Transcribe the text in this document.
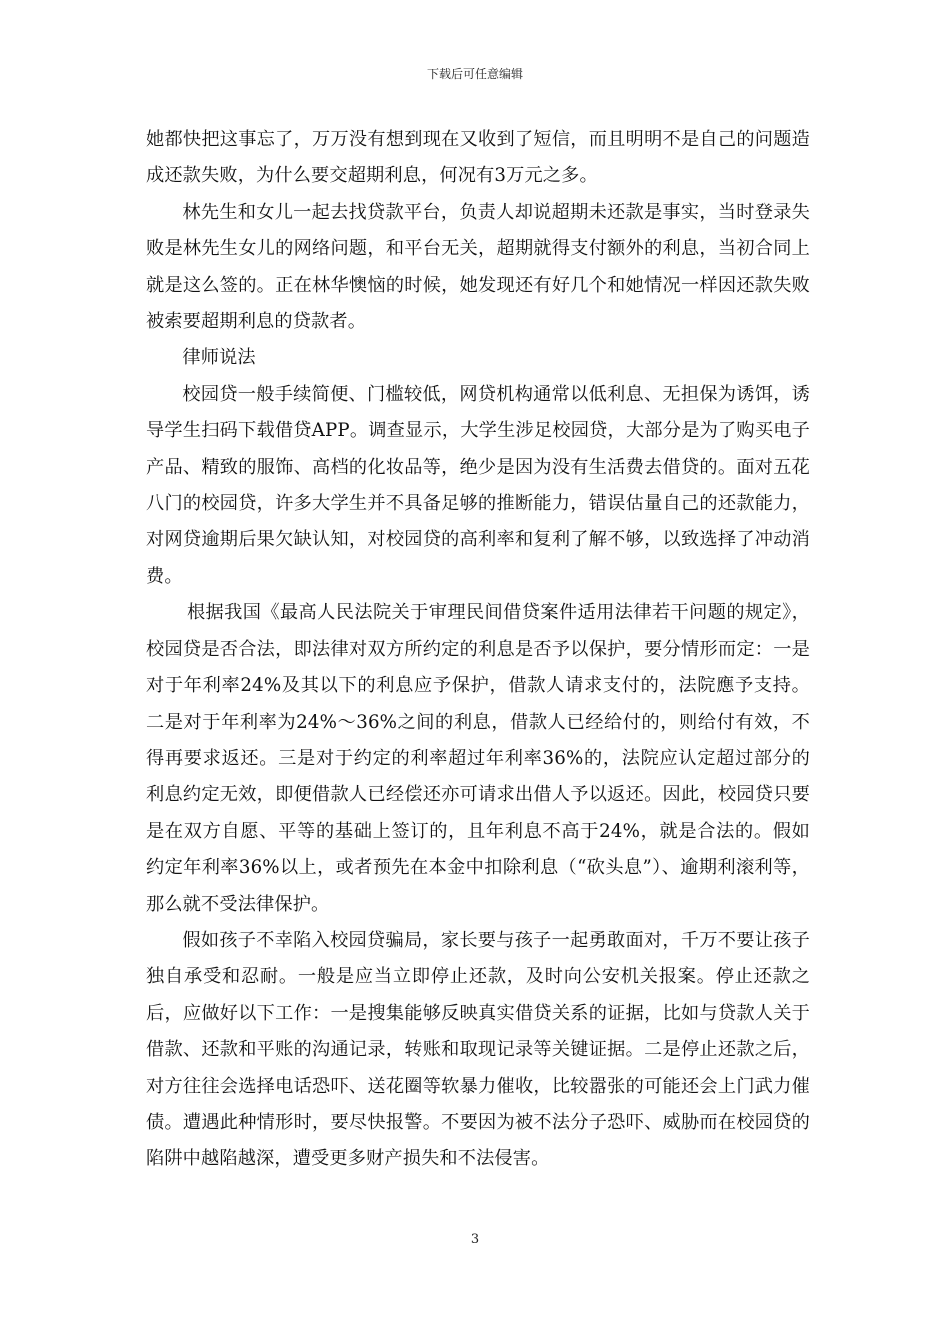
下载后可任意编辑

她都快把这事忘了，万万没有想到现在又收到了短信，而且明明不是自己的问题造成还款失败，为什么要交超期利息，何况有3万元之多。

林先生和女儿一起去找贷款平台，负责人却说超期未还款是事实，当时登录失败是林先生女儿的网络问题，和平台无关，超期就得支付额外的利息，当初合同上就是这么签的。正在林华懊恼的时候，她发现还有好几个和她情况一样因还款失败被索要超期利息的贷款者。

律师说法

校园贷一般手续简便、门槛较低，网贷机构通常以低利息、无担保为诱饵，诱导学生扫码下载借贷APP。调查显示，大学生涉足校园贷，大部分是为了购买电子产品、精致的服饰、高档的化妆品等，绝少是因为没有生活费去借贷的。面对五花八门的校园贷，许多大学生并不具备足够的推断能力，错误估量自己的还款能力，对网贷逾期后果欠缺认知，对校园贷的高利率和复利了解不够，以致选择了冲动消费。

根据我国《最高人民法院关于审理民间借贷案件适用法律若干问题的规定》，校园贷是否合法，即法律对双方所约定的利息是否予以保护，要分情形而定：一是对于年利率24%及其以下的利息应予保护，借款人请求支付的，法院應予支持。二是对于年利率为24%～36%之间的利息，借款人已经给付的，则给付有效，不得再要求返还。三是对于约定的利率超过年利率36%的，法院应认定超过部分的利息约定无效，即便借款人已经偿还亦可请求出借人予以返还。因此，校园贷只要是在双方自愿、平等的基础上签订的，且年利息不高于24%，就是合法的。假如约定年利率36%以上，或者预先在本金中扣除利息（“砍头息”）、逾期利滚利等，那么就不受法律保护。

假如孩子不幸陷入校园贷骗局，家长要与孩子一起勇敢面对，千万不要让孩子独自承受和忍耐。一般是应当立即停止还款，及时向公安机关报案。停止还款之后，应做好以下工作：一是搜集能够反映真实借贷关系的证据，比如与贷款人关于借款、还款和平账的沟通记录，转账和取现记录等关键证据。二是停止还款之后，对方往往会选择电话恐吓、送花圈等软暴力催收，比较嚣张的可能还会上门武力催债。遭遇此种情形时，要尽快报警。不要因为被不法分子恐吓、威胁而在校园贷的陷阱中越陷越深，遭受更多财产损失和不法侵害。

3
